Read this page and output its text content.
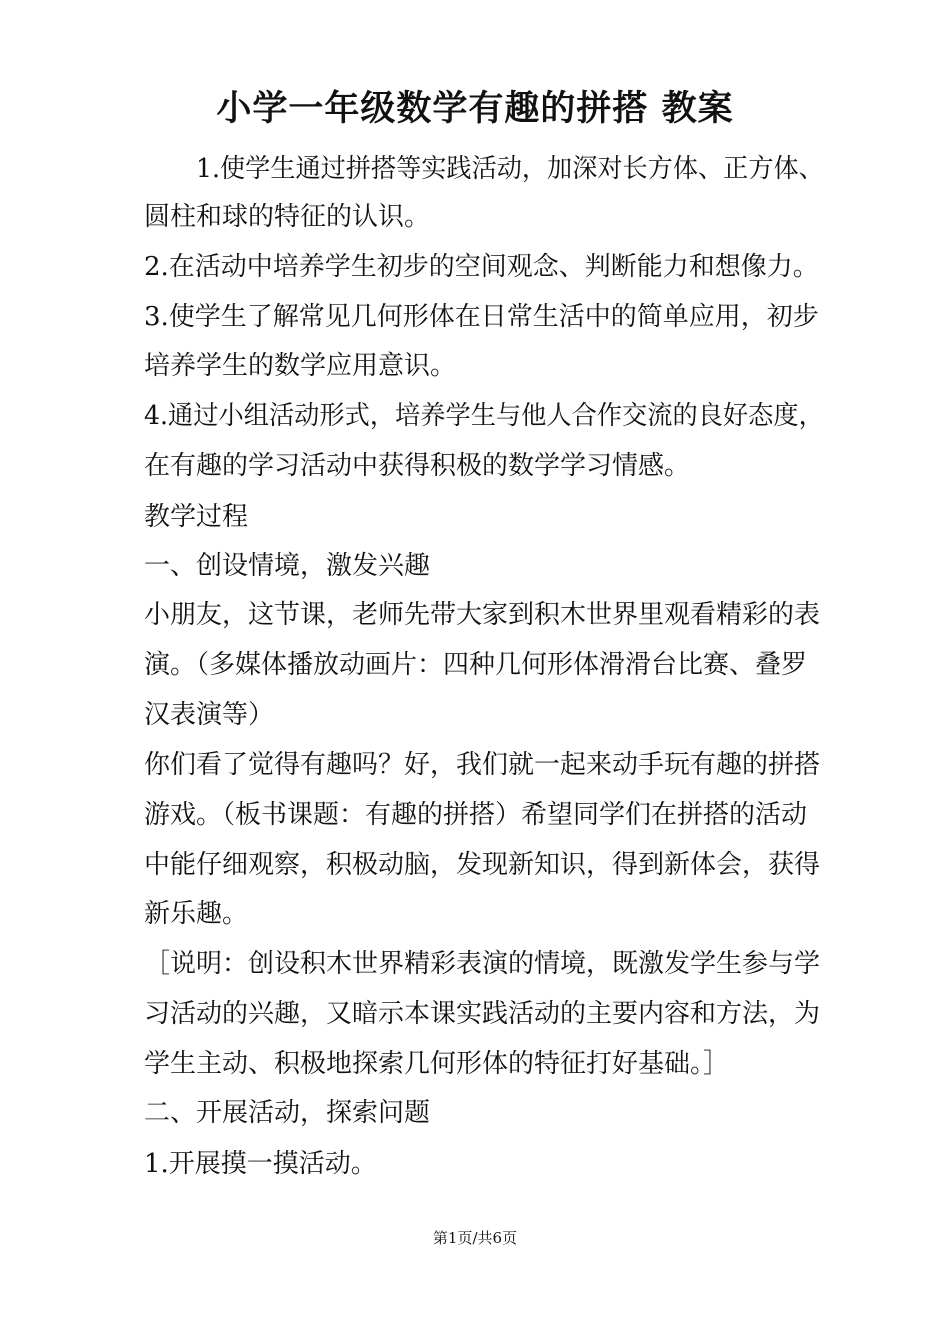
小学一年级数学有趣的拼搭 教案
1.使学生通过拼搭等实践活动，加深对长方体、正方体、
圆柱和球的特征的认识。
2.在活动中培养学生初步的空间观念、判断能力和想像力。
3.使学生了解常见几何形体在日常生活中的简单应用，初步
培养学生的数学应用意识。
4.通过小组活动形式，培养学生与他人合作交流的良好态度，
在有趣的学习活动中获得积极的数学学习情感。
教学过程
一、创设情境，激发兴趣
小朋友，这节课，老师先带大家到积木世界里观看精彩的表
演。（多媒体播放动画片：四种几何形体滑滑台比赛、叠罗
汉表演等）
你们看了觉得有趣吗？好，我们就一起来动手玩有趣的拼搭
游戏。（板书课题：有趣的拼搭）希望同学们在拼搭的活动
中能仔细观察，积极动脑，发现新知识，得到新体会，获得
新乐趣。
［说明：创设积木世界精彩表演的情境，既激发学生参与学
习活动的兴趣，又暗示本课实践活动的主要内容和方法，为
学生主动、积极地探索几何形体的特征打好基础。］
二、开展活动，探索问题
1.开展摸一摸活动。
第1页/共6页
